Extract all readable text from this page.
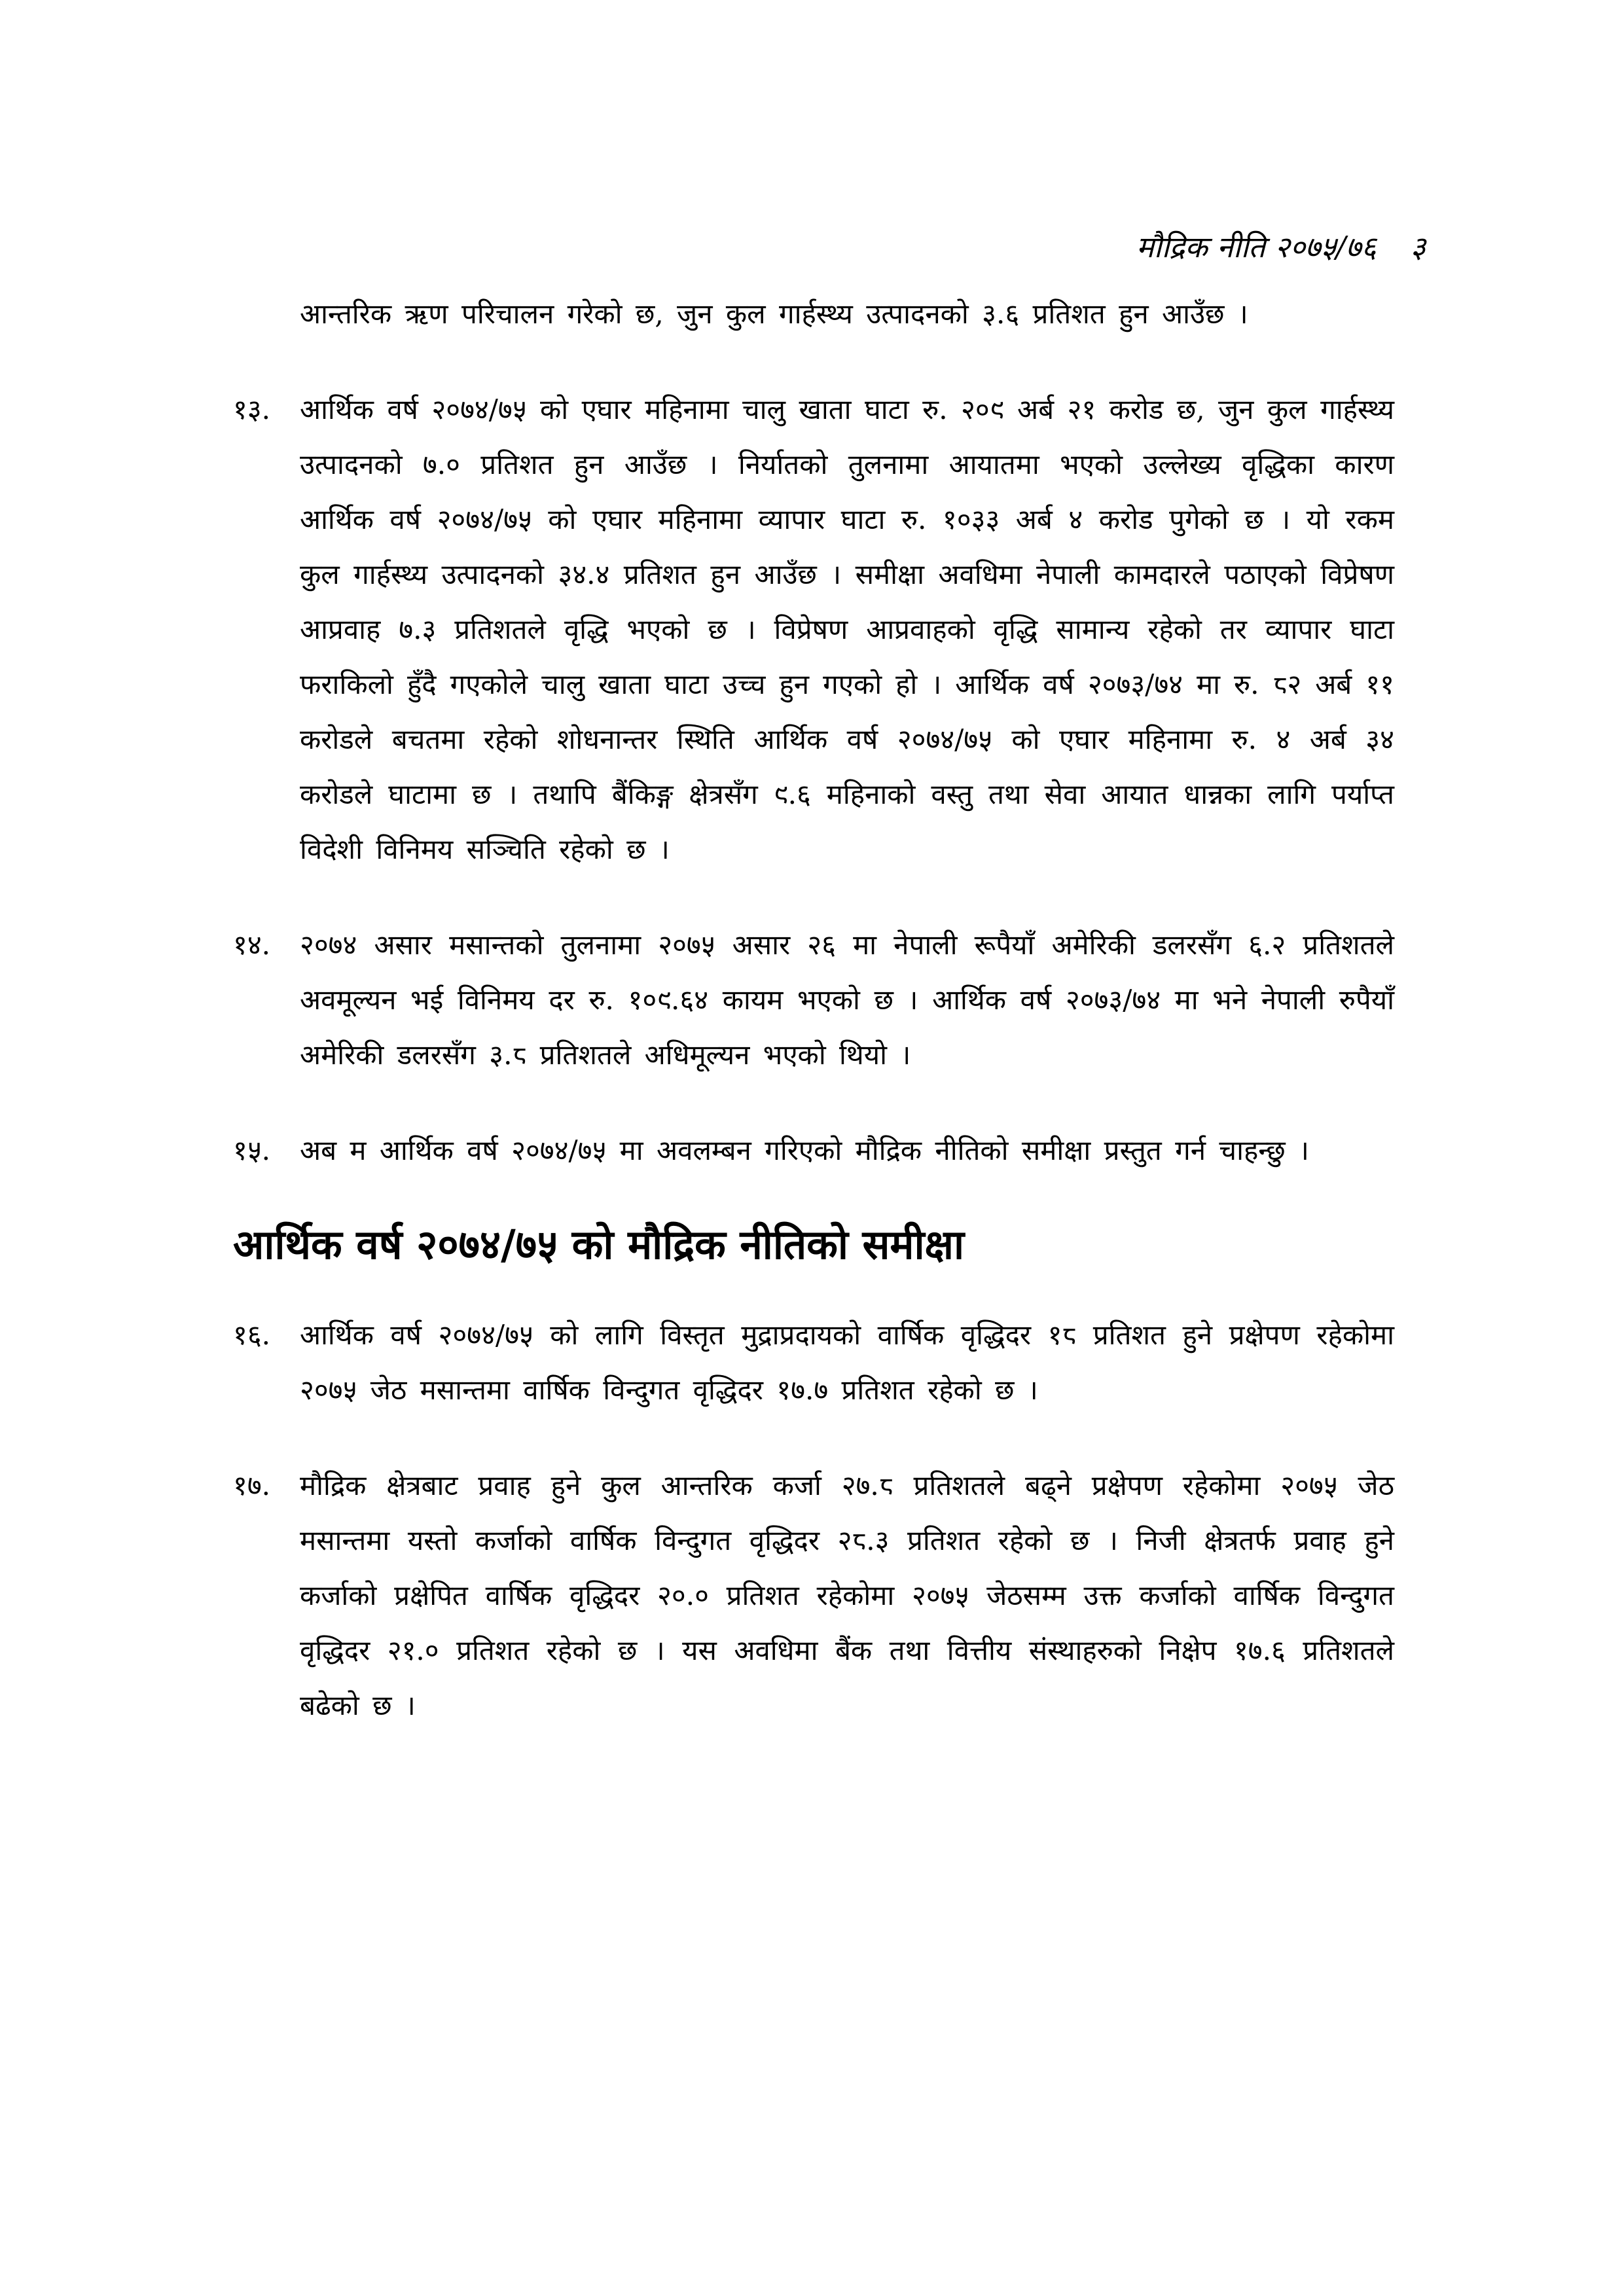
मौद्रिक नीति २०७५/७६ ३

आन्तरिक ऋण परिचालन गरेको छ, जुन कुल गार्हस्थ्य उत्पादनको ३.६ प्रतिशत हुन आउँछ ।

१३. आर्थिक वर्ष २०७४/७५ को एघार महिनामा चालु खाता घाटा रु. २०९ अर्ब २१ करोड छ, जुन कुल गार्हस्थ्य उत्पादनको ७.० प्रतिशत हुन आउँछ । निर्यातको तुलनामा आयातमा भएको उल्लेख्य वृद्धिका कारण आर्थिक वर्ष २०७४/७५ को एघार महिनामा व्यापार घाटा रु. १०३३ अर्ब ४ करोड पुगेको छ । यो रकम कुल गार्हस्थ्य उत्पादनको ३४.४ प्रतिशत हुन आउँछ । समीक्षा अवधिमा नेपाली कामदारले पठाएको विप्रेषण आप्रवाह ७.३ प्रतिशतले वृद्धि भएको छ । विप्रेषण आप्रवाहको वृद्धि सामान्य रहेको तर व्यापार घाटा फराकिलो हुँदै गएकोले चालु खाता घाटा उच्च हुन गएको हो । आर्थिक वर्ष २०७३/७४ मा रु. ८२ अर्ब ११ करोडले बचतमा रहेको शोधनान्तर स्थिति आर्थिक वर्ष २०७४/७५ को एघार महिनामा रु. ४ अर्ब ३४ करोडले घाटामा छ । तथापि बैंकिङ्ग क्षेत्रसँग ९.६ महिनाको वस्तु तथा सेवा आयात धान्नका लागि पर्याप्त विदेशी विनिमय सञ्चिति रहेको छ ।

१४. २०७४ असार मसान्तको तुलनामा २०७५ असार २६ मा नेपाली रूपैयाँ अमेरिकी डलरसँग ६.२ प्रतिशतले अवमूल्यन भई विनिमय दर रु. १०९.६४ कायम भएको छ । आर्थिक वर्ष २०७३/७४ मा भने नेपाली रुपैयाँ अमेरिकी डलरसँग ३.८ प्रतिशतले अधिमूल्यन भएको थियो ।

१५. अब म आर्थिक वर्ष २०७४/७५ मा अवलम्बन गरिएको मौद्रिक नीतिको समीक्षा प्रस्तुत गर्न चाहन्छु ।

आर्थिक वर्ष २०७४/७५ को मौद्रिक नीतिको समीक्षा

१६. आर्थिक वर्ष २०७४/७५ को लागि विस्तृत मुद्राप्रदायको वार्षिक वृद्धिदर १८ प्रतिशत हुने प्रक्षेपण रहेकोमा २०७५ जेठ मसान्तमा वार्षिक विन्दुगत वृद्धिदर १७.७ प्रतिशत रहेको छ ।

१७. मौद्रिक क्षेत्रबाट प्रवाह हुने कुल आन्तरिक कर्जा २७.८ प्रतिशतले बढ्ने प्रक्षेपण रहेकोमा २०७५ जेठ मसान्तमा यस्तो कर्जाको वार्षिक विन्दुगत वृद्धिदर २८.३ प्रतिशत रहेको छ । निजी क्षेत्रतर्फ प्रवाह हुने कर्जाको प्रक्षेपित वार्षिक वृद्धिदर २०.० प्रतिशत रहेकोमा २०७५ जेठसम्म उक्त कर्जाको वार्षिक विन्दुगत वृद्धिदर २१.० प्रतिशत रहेको छ । यस अवधिमा बैंक तथा वित्तीय संस्थाहरुको निक्षेप १७.६ प्रतिशतले बढेको छ ।
